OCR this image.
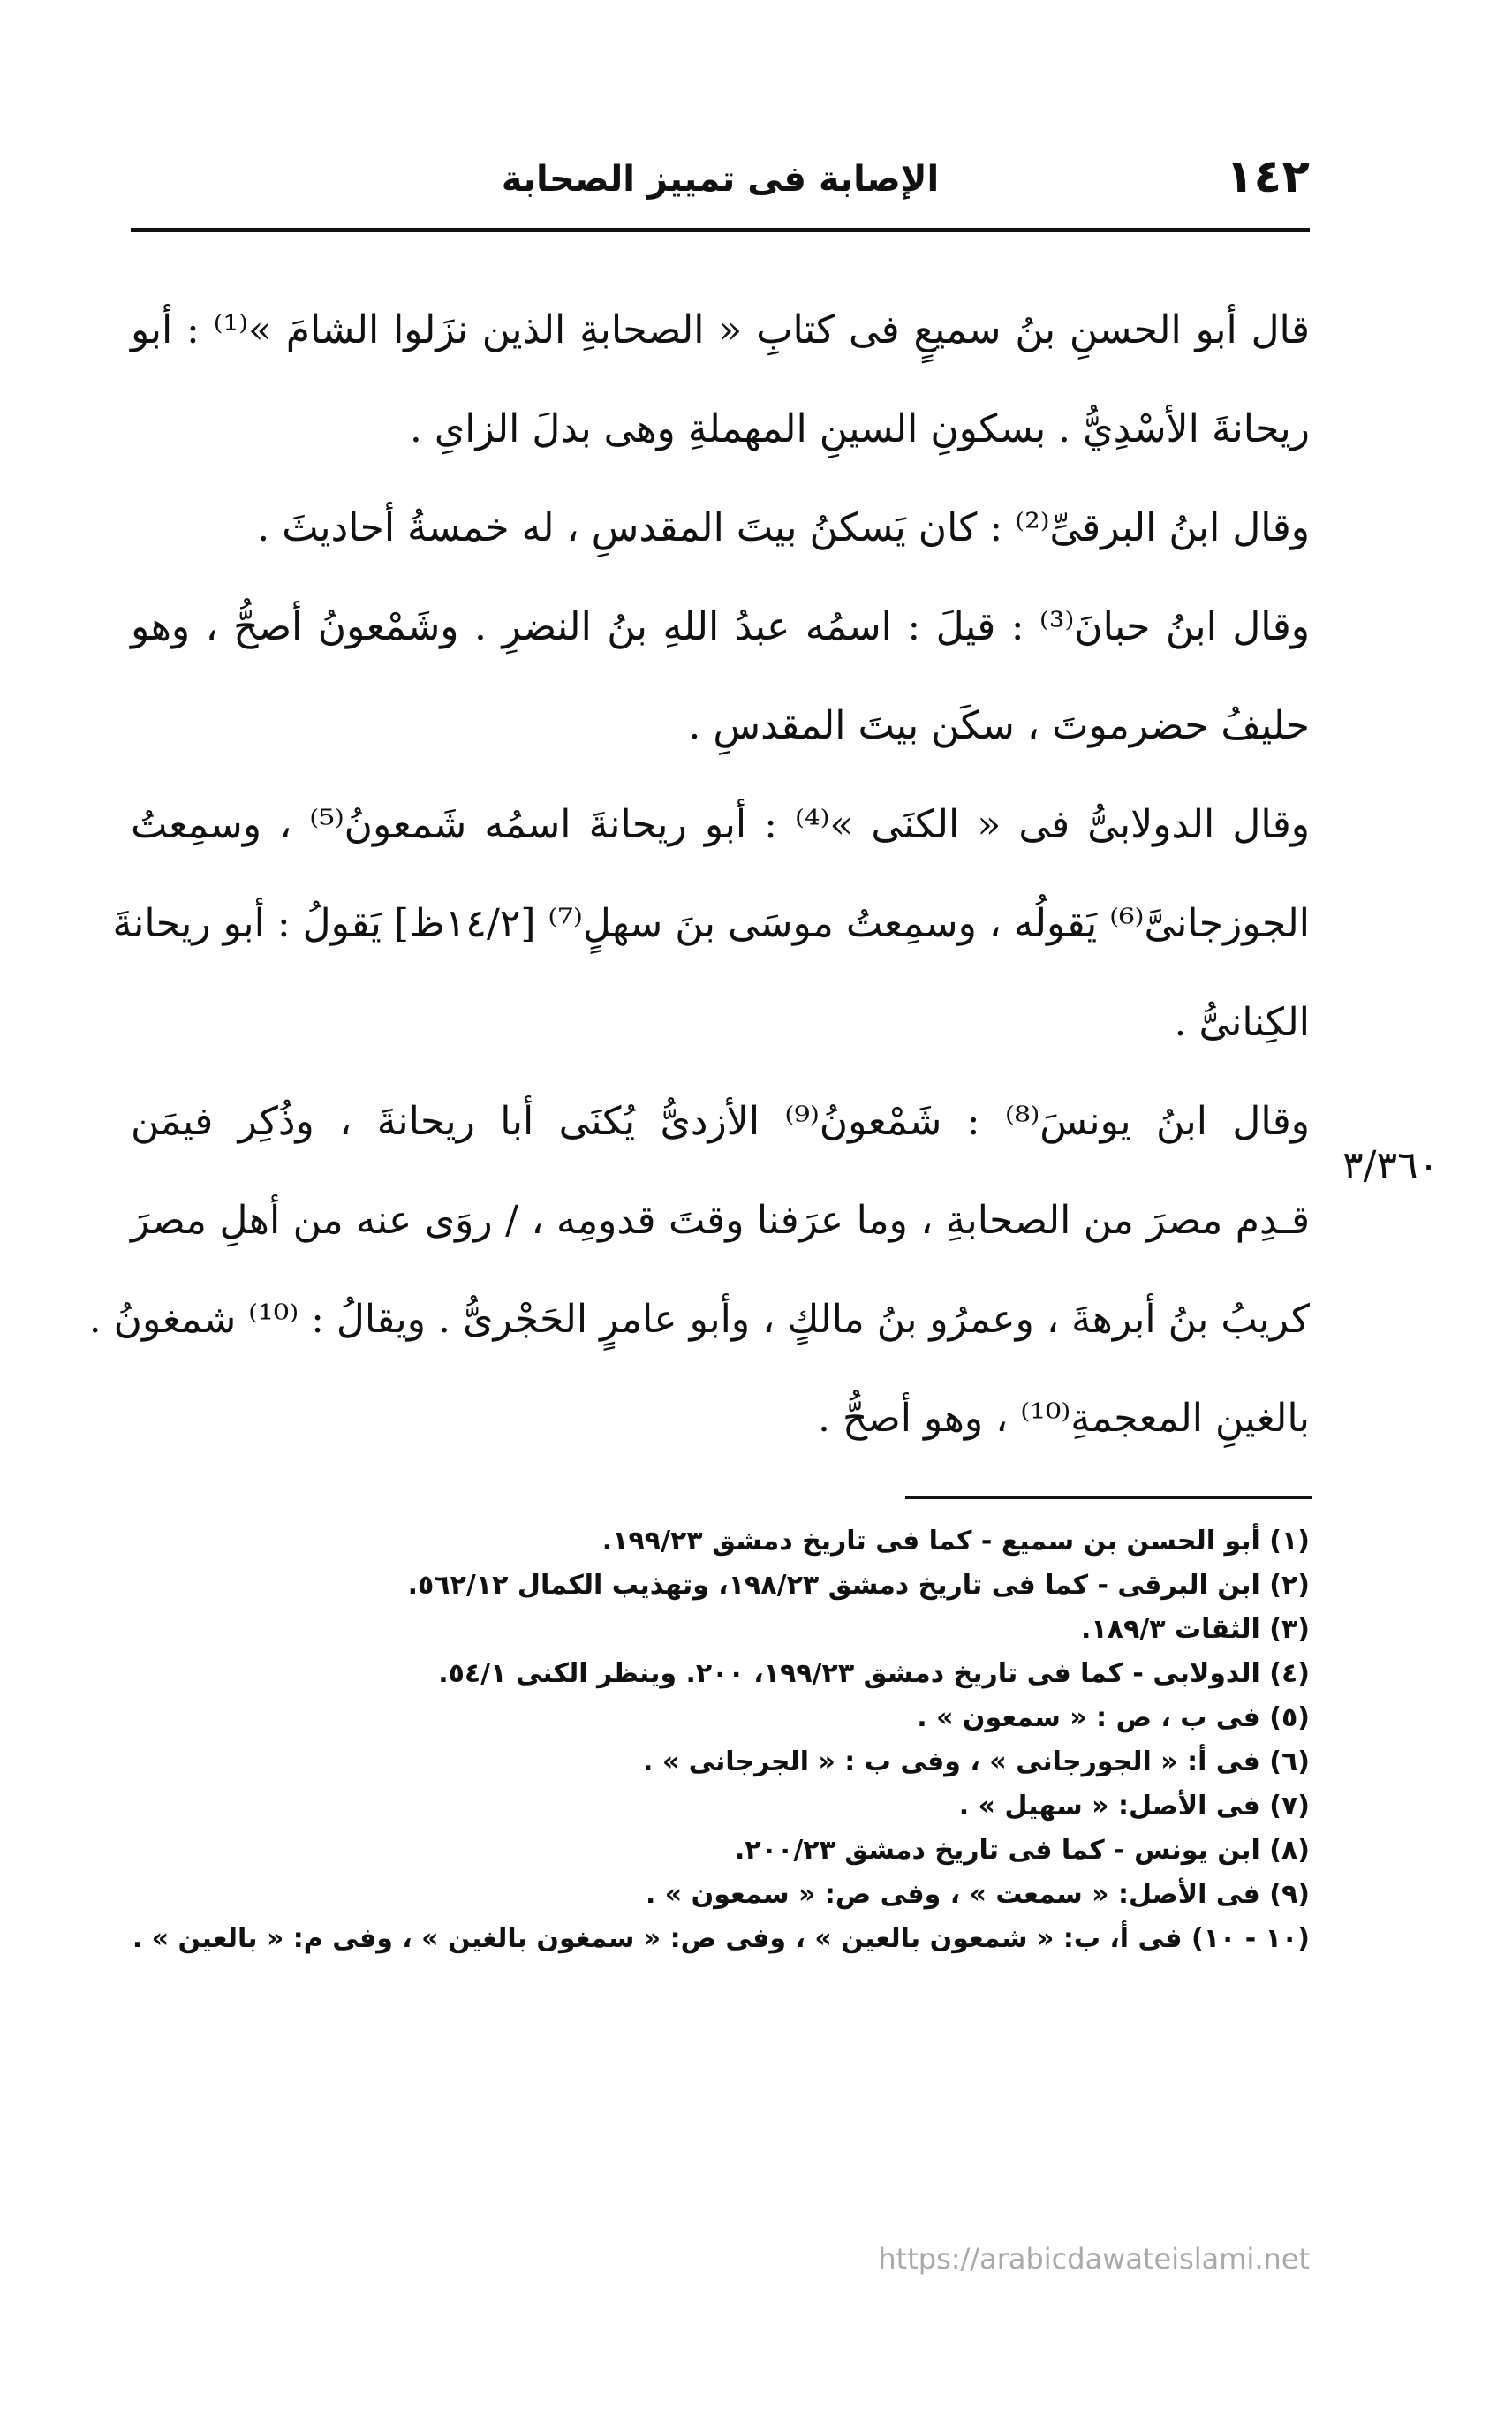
١٤٢
الإصابة فى تمييز الصحابة
٣/٣٦٠
قال أبو الحسنِ بنُ سميعٍ فى كتابِ « الصحابةِ الذين نزَلوا الشامَ »⁽¹⁾ : أبو
ريحانةَ الأسْدِيُّ . بسكونِ السينِ المهملةِ وهى بدلَ الزاىِ .
وقال ابنُ البرقىِّ⁽²⁾ : كان يَسكنُ بيتَ المقدسِ ، له خمسةُ أحاديثَ .
وقال ابنُ حبانَ⁽³⁾ : قيلَ : اسمُه عبدُ اللهِ بنُ النضرِ . وشَمْعونُ أصحُّ ، وهو
حليفُ حضرموتَ ، سكَن بيتَ المقدسِ .
وقال الدولابىُّ فى « الكنَى »⁽⁴⁾ : أبو ريحانةَ اسمُه شَمعونُ⁽⁵⁾ ، وسمِعتُ
الجوزجانىَّ⁽⁶⁾ يَقولُه ، وسمِعتُ موسَى بنَ سهلٍ⁽⁷⁾ [١٤/٢ظ] يَقولُ : أبو ريحانةَ
الكِنانىُّ .
وقال ابنُ يونسَ⁽⁸⁾ : شَمْعونُ⁽⁹⁾ الأزدىُّ يُكنَى أبا ريحانةَ ، وذُكِر فيمَن
قـدِم مصرَ من الصحابةِ ، وما عرَفنا وقتَ قدومِه ، / روَى عنه من أهلِ مصرَ
كريبُ بنُ أبرهةَ ، وعمرُو بنُ مالكٍ ، وأبو عامرٍ الحَجْرىُّ . ويقالُ : ⁽¹⁰⁾ شمغونُ .
بالغينِ المعجمةِ⁽¹⁰⁾ ، وهو أصحُّ .
(١) أبو الحسن بن سميع - كما فى تاريخ دمشق ١٩٩/٢٣.
(٢) ابن البرقى - كما فى تاريخ دمشق ١٩٨/٢٣، وتهذيب الكمال ٥٦٢/١٢.
(٣) الثقات ١٨٩/٣.
(٤) الدولابى - كما فى تاريخ دمشق ١٩٩/٢٣، ٢٠٠. وينظر الكنى ٥٤/١.
(٥) فى ب ، ص : « سمعون » .
(٦) فى أ: « الجورجانى » ، وفى ب : « الجرجانى » .
(٧) فى الأصل: « سهيل » .
(٨) ابن يونس - كما فى تاريخ دمشق ٢٠٠/٢٣.
(٩) فى الأصل: « سمعت » ، وفى ص: « سمعون » .
(١٠ - ١٠) فى أ، ب: « شمعون بالعين » ، وفى ص: « سمغون بالغين » ، وفى م: « بالعين » .
https://arabicdawateislami.net
